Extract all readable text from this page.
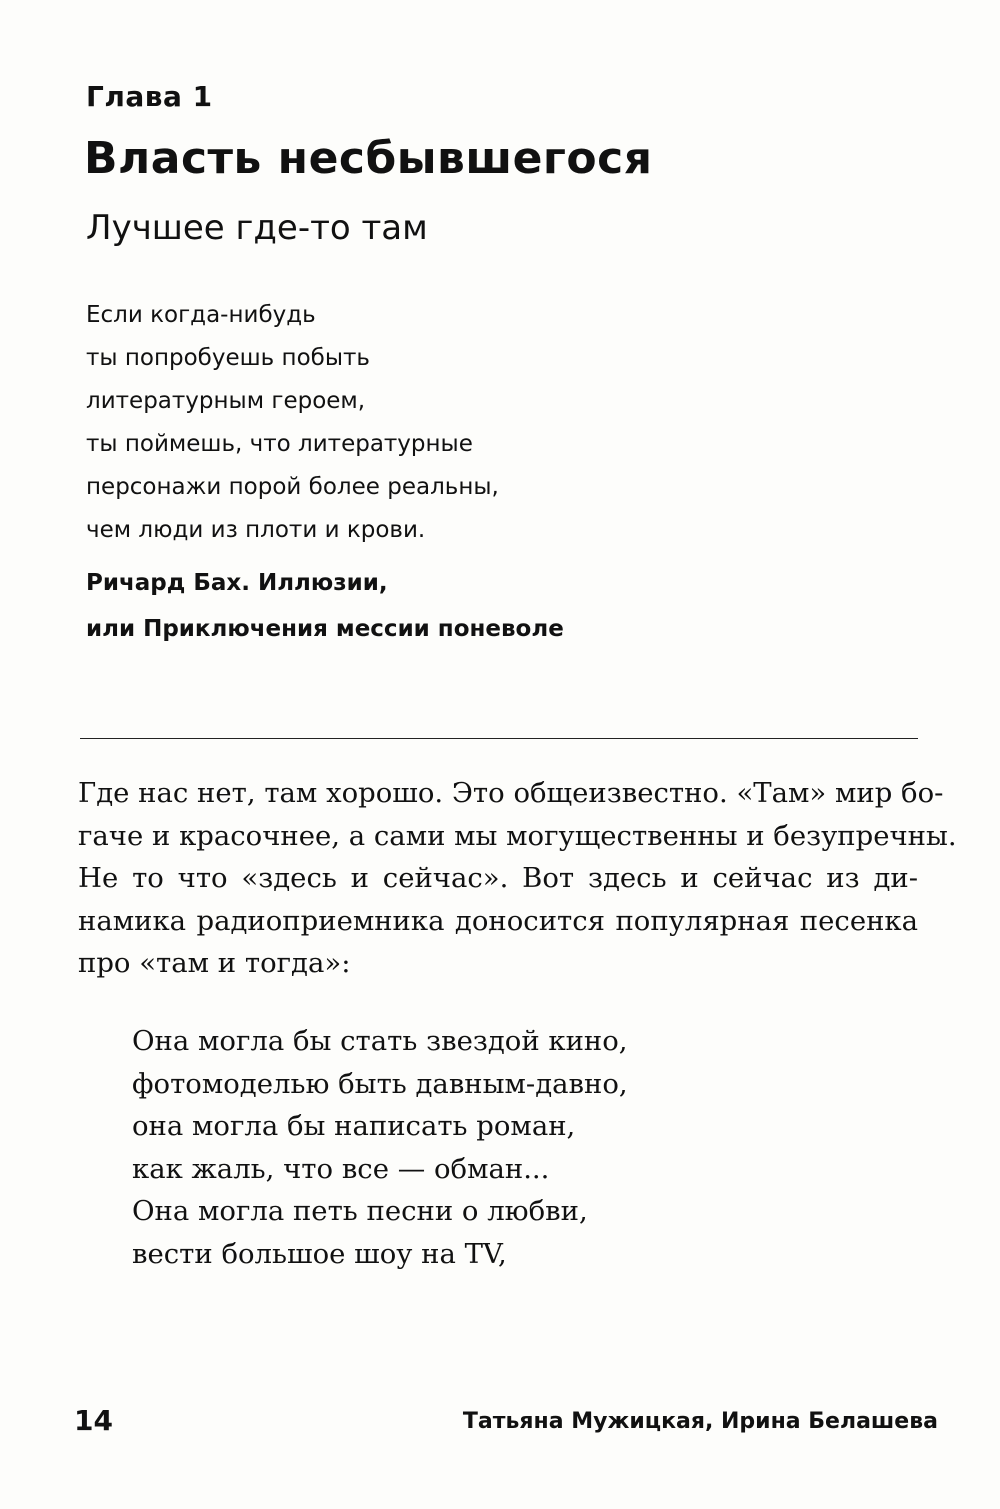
Глава 1
Власть несбывшегося
Лучшее где-то там
Если когда-нибудь
ты попробуешь побыть
литературным героем,
ты поймешь, что литературные
персонажи порой более реальны,
чем люди из плоти и крови.
Ричард Бах. Иллюзии,
или Приключения мессии поневоле
Где нас нет, там хорошо. Это общеизвестно. «Там» мир бо-
гаче и красочнее, а сами мы могущественны и безупречны.
Не то что «здесь и сейчас». Вот здесь и сейчас из ди-
намика радиоприемника доносится популярная песенка
про «там и тогда»:
Она могла бы стать звездой кино,
фотомоделью быть давным-давно,
она могла бы написать роман,
как жаль, что все — обман...
Она могла петь песни о любви,
вести большое шоу на TV,
14	Татьяна Мужицкая, Ирина Белашева
